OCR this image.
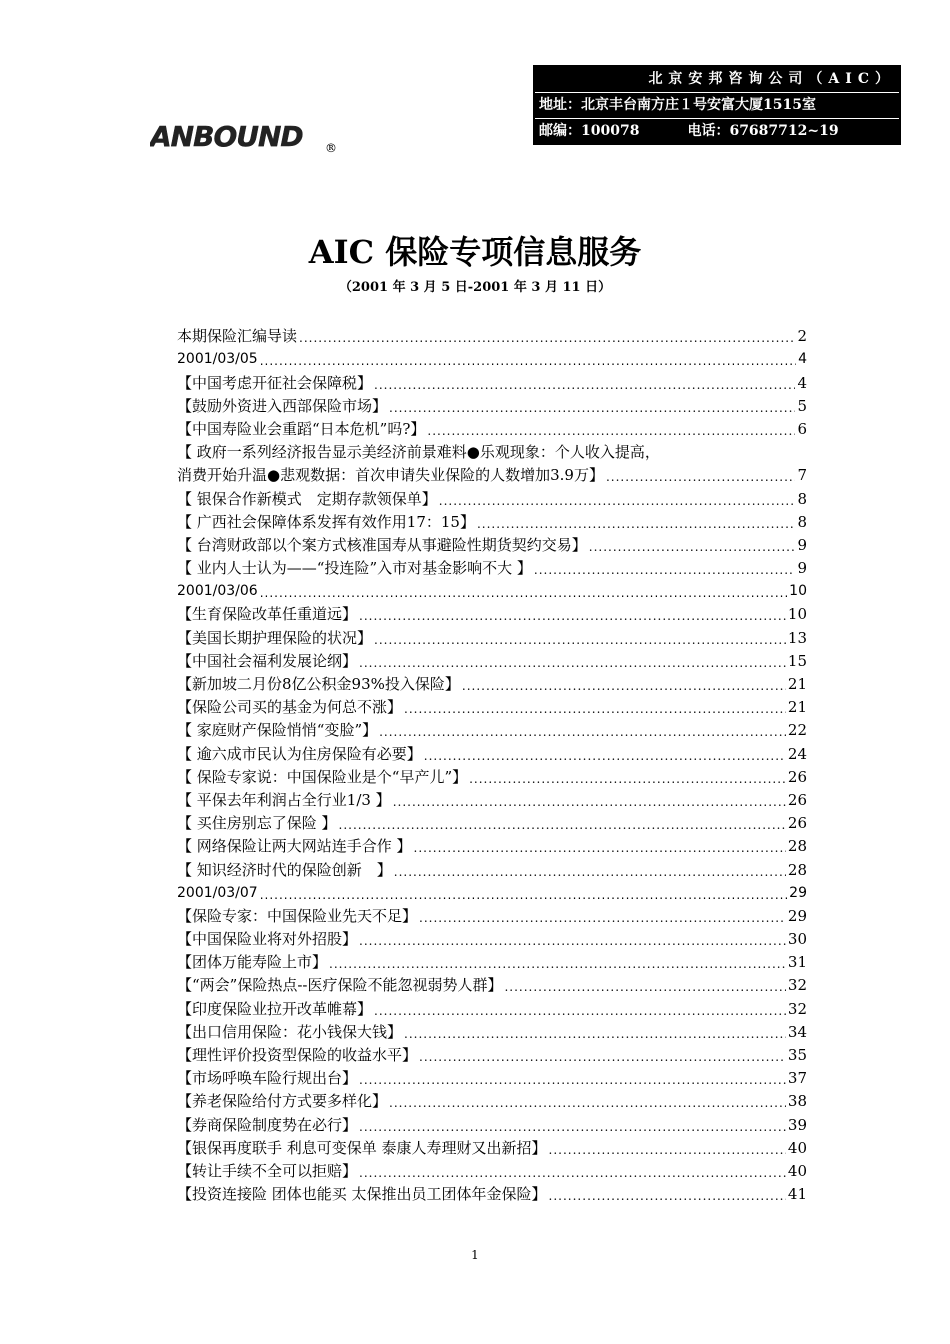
ANBOUND ®
北京安邦咨询公司（AIC）
地址：北京丰台南方庄１号安富大厦1515室
邮编：100078	电话：67687712~19
AIC 保险专项信息服务
（2001 年 3 月 5 日-2001 年 3 月 11 日）
本期保险汇编导读 .....	2
2001/03/05 .....	4
【中国考虑开征社会保障税】 .....	4
【鼓励外资进入西部保险市场】 .....	5
【中国寿险业会重蹈“日本危机”吗?】 .....	6
【 政府一系列经济报告显示美经济前景难料●乐观现象：个人收入提高，
消费开始升温●悲观数据：首次申请失业保险的人数增加3.9万】 .....	7
【 银保合作新模式　定期存款领保单】 .....	8
【 广西社会保障体系发挥有效作用17：15】 .....	8
【 台湾财政部以个案方式核准国寿从事避险性期货契约交易】 .....	9
【 业内人士认为——“投连险”入市对基金影响不大 】 .....	9
2001/03/06 .....	10
【生育保险改革任重道远】 .....	10
【美国长期护理保险的状况】 .....	13
【中国社会福利发展论纲】 .....	15
【新加坡二月份8亿公积金93%投入保险】 .....	21
【保险公司买的基金为何总不涨】 .....	21
【 家庭财产保险悄悄“变脸”】 .....	22
【 逾六成市民认为住房保险有必要】 .....	24
【 保险专家说：中国保险业是个“早产儿”】 .....	26
【 平保去年利润占全行业1/3 】 .....	26
【 买住房别忘了保险 】 .....	26
【 网络保险让两大网站连手合作 】 .....	28
【 知识经济时代的保险创新　】 .....	28
2001/03/07 .....	29
【保险专家：中国保险业先天不足】 .....	29
【中国保险业将对外招股】 .....	30
【团体万能寿险上市】 .....	31
【“两会”保险热点--医疗保险不能忽视弱势人群】 .....	32
【印度保险业拉开改革帷幕】 .....	32
【出口信用保险：花小钱保大钱】 .....	34
【理性评价投资型保险的收益水平】 .....	35
【市场呼唤车险行规出台】 .....	37
【养老保险给付方式要多样化】 .....	38
【券商保险制度势在必行】 .....	39
【银保再度联手 利息可变保单 泰康人寿理财又出新招】 .....	40
【转让手续不全可以拒赔】 .....	40
【投资连接险 团体也能买 太保推出员工团体年金保险】 .....	41
1
